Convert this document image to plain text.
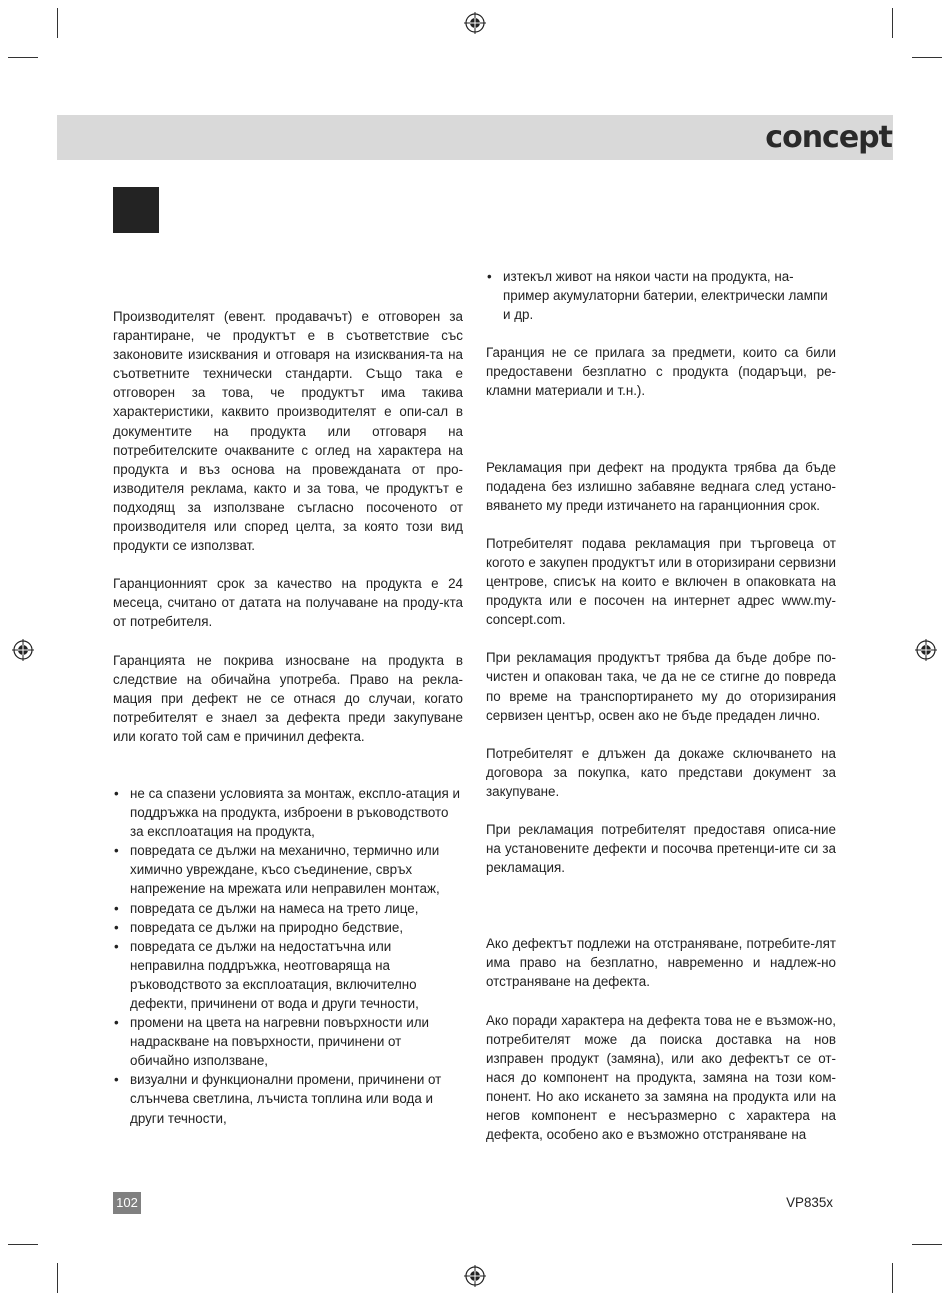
concept

Производителят (евент. продавачът) е отговорен за гарантиране, че продуктът е в съответствие със законовите изисквания и отговаря на изисквания-та на съответните технически стандарти. Също така е отговорен за това, че продуктът има такива характеристики, каквито производителят е опи-сал в документите на продукта или отговаря на потребителските очакваните с оглед на характера на продукта и въз основа на провежданата от про-изводителя реклама, както и за това, че продуктът е подходящ за използване съгласно посоченото от производителя или според целта, за която този вид продукти се използват.

Гаранционният срок за качество на продукта е 24 месеца, считано от датата на получаване на проду-кта от потребителя.

Гаранцията не покрива износване на продукта в следствие на обичайна употреба. Право на рекла-мация при дефект не се отнася до случаи, когато потребителят е знаел за дефекта преди закупуване или когато той сам е причинил дефекта.

• не са спазени условията за монтаж, експло-атация и поддръжка на продукта, изброени в ръководството за експлоатация на продукта,
• повредата се дължи на механично, термично или химично увреждане, късо съединение, свръх напрежение на мрежата или неправилен монтаж,
• повредата се дължи на намеса на трето лице,
• повредата се дължи на природно бедствие,
• повредата се дължи на недостатъчна или неправилна поддръжка, неотговаряща на ръководството за експлоатация, включително дефекти, причинени от вода и други течности,
• промени на цвета на нагревни повърхности или надраскване на повърхности, причинени от обичайно използване,
• визуални и функционални промени, причинени от слънчева светлина, лъчиста топлина или вода и други течности,
• изтекъл живот на някои части на продукта, на-пример акумулаторни батерии, електрически лампи и др.

Гаранция не се прилага за предмети, които са били предоставени безплатно с продукта (подаръци, ре-кламни материали и т.н.).

Рекламация при дефект на продукта трябва да бъде подадена без излишно забавяне веднага след устано-вяването му преди изтичането на гаранционния срок.

Потребителят подава рекламация при търговеца от когото е закупен продуктът или в оторизирани сервизни центрове, списък на които е включен в опаковката на продукта или е посочен на интернет адрес www.my-concept.com.

При рекламация продуктът трябва да бъде добре по-чистен и опакован така, че да не се стигне до повреда по време на транспортирането му до оторизирания сервизен център, освен ако не бъде предаден лично.

Потребителят е длъжен да докаже сключването на договора за покупка, като представи документ за закупуване.

При рекламация потребителят предоставя описа-ние на установените дефекти и посочва претенци-ите си за рекламация.

Ако дефектът подлежи на отстраняване, потребите-лят има право на безплатно, навременно и надлеж-но отстраняване на дефекта.

Ако поради характера на дефекта това не е възмож-но, потребителят може да поиска доставка на нов изправен продукт (замяна), или ако дефектът се от-нася до компонент на продукта, замяна на този ком-понент. Но ако искането за замяна на продукта или на негов компонент е несъразмерно с характера на дефекта, особено ако е възможно отстраняване на

102	VP835x
